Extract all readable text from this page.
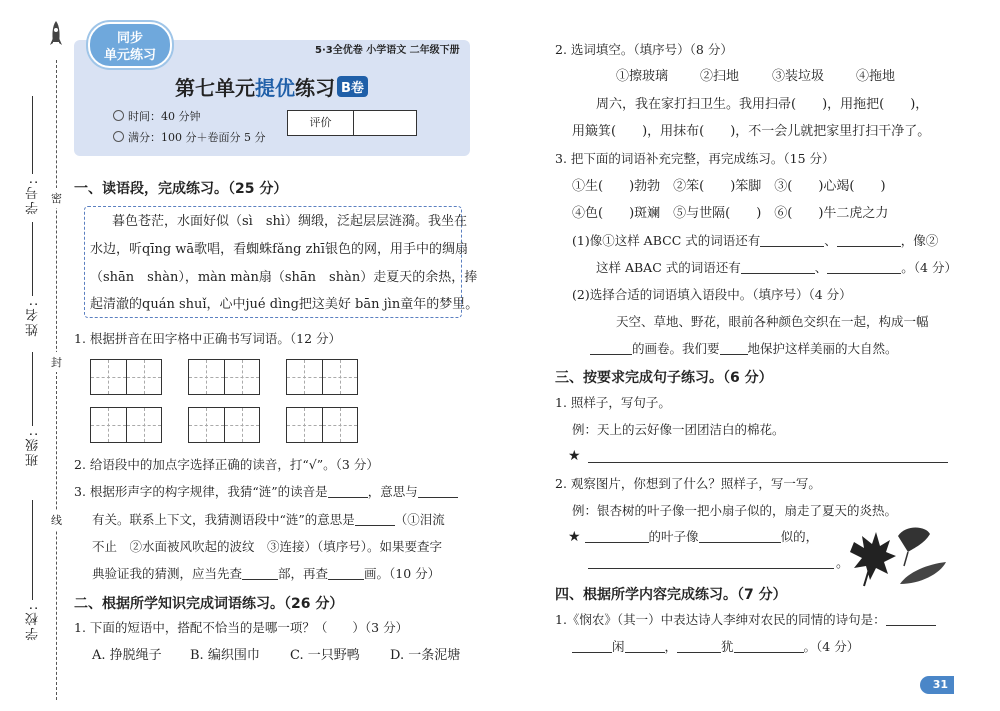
学号:
姓名:
班级:
学校:
密
封
线
同步
单元练习	5·3全优卷 小学语文 二年级下册
第七单元提优练习 B卷
时间：40 分钟
满分：100 分＋卷面分 5 分
评价
一、读语段，完成练习。（25 分）
暮色苍茫，水面好似（sì　shì）绸缎，泛起层层涟漪。我坐在
水边，听qīng wā歌唱，看蜘蛛fǎng zhī银色的网，用手中的绸扇
（shān　shàn），màn màn扇（shān　shàn）走夏天的余热，捧
起清澈的quán shuǐ，心中jué dìng把这美好 bān jìn童年的梦里。
1. 根据拼音在田字格中正确书写词语。（12 分）
2. 给语段中的加点字选择正确的读音，打“√”。（3 分）
3. 根据形声字的构字规律，我猜“涟”的读音是	，意思与
有关。联系上下文，我猜测语段中“涟”的意思是	（①泪流
不止　②水面被风吹起的波纹　③连接）（填序号）。如果要查字
典验证我的猜测，应当先查	部，再查	画。（10 分）
二、根据所学知识完成词语练习。（26 分）
1. 下面的短语中，搭配不恰当的是哪一项？（　　）（3 分）
A. 挣脱绳子 B. 编织围巾 C. 一只野鸭 D. 一条泥塘
2. 选词填空。（填序号）（8 分）
①擦玻璃 ②扫地	③装垃圾 ④拖地
周六，我在家打扫卫生。我用扫帚(　　)，用拖把(　　)，
用簸箕(　　)，用抹布(　　)，不一会儿就把家里打扫干净了。
3. 把下面的词语补充完整，再完成练习。（15 分）
①生(　　)勃勃　②笨(　　)笨脚　③(　　)心竭(　　)
④色(　　)斑斓　⑤与世隔(　　)　⑥(　　)牛二虎之力
(1)像①这样 ABCC 式的词语还有	、	，像②
这样 ABAC 式的词语还有	、	。（4 分）
(2)选择合适的词语填入语段中。（填序号）（4 分）
天空、草地、野花，眼前各种颜色交织在一起，构成一幅
的画卷。我们要 地保护这样美丽的大自然。
三、按要求完成句子练习。（6 分）
1. 照样子，写句子。
例：天上的云好像一团团洁白的棉花。
★
2. 观察图片，你想到了什么？照样子，写一写。
例：银杏树的叶子像一把小扇子似的，扇走了夏天的炎热。
★	的叶子像	似的，
。
四、根据所学内容完成练习。（7 分）
1.《悯农》（其一）中表达诗人李绅对农民的同情的诗句是：
闲	，	犹	。（4 分）
31
